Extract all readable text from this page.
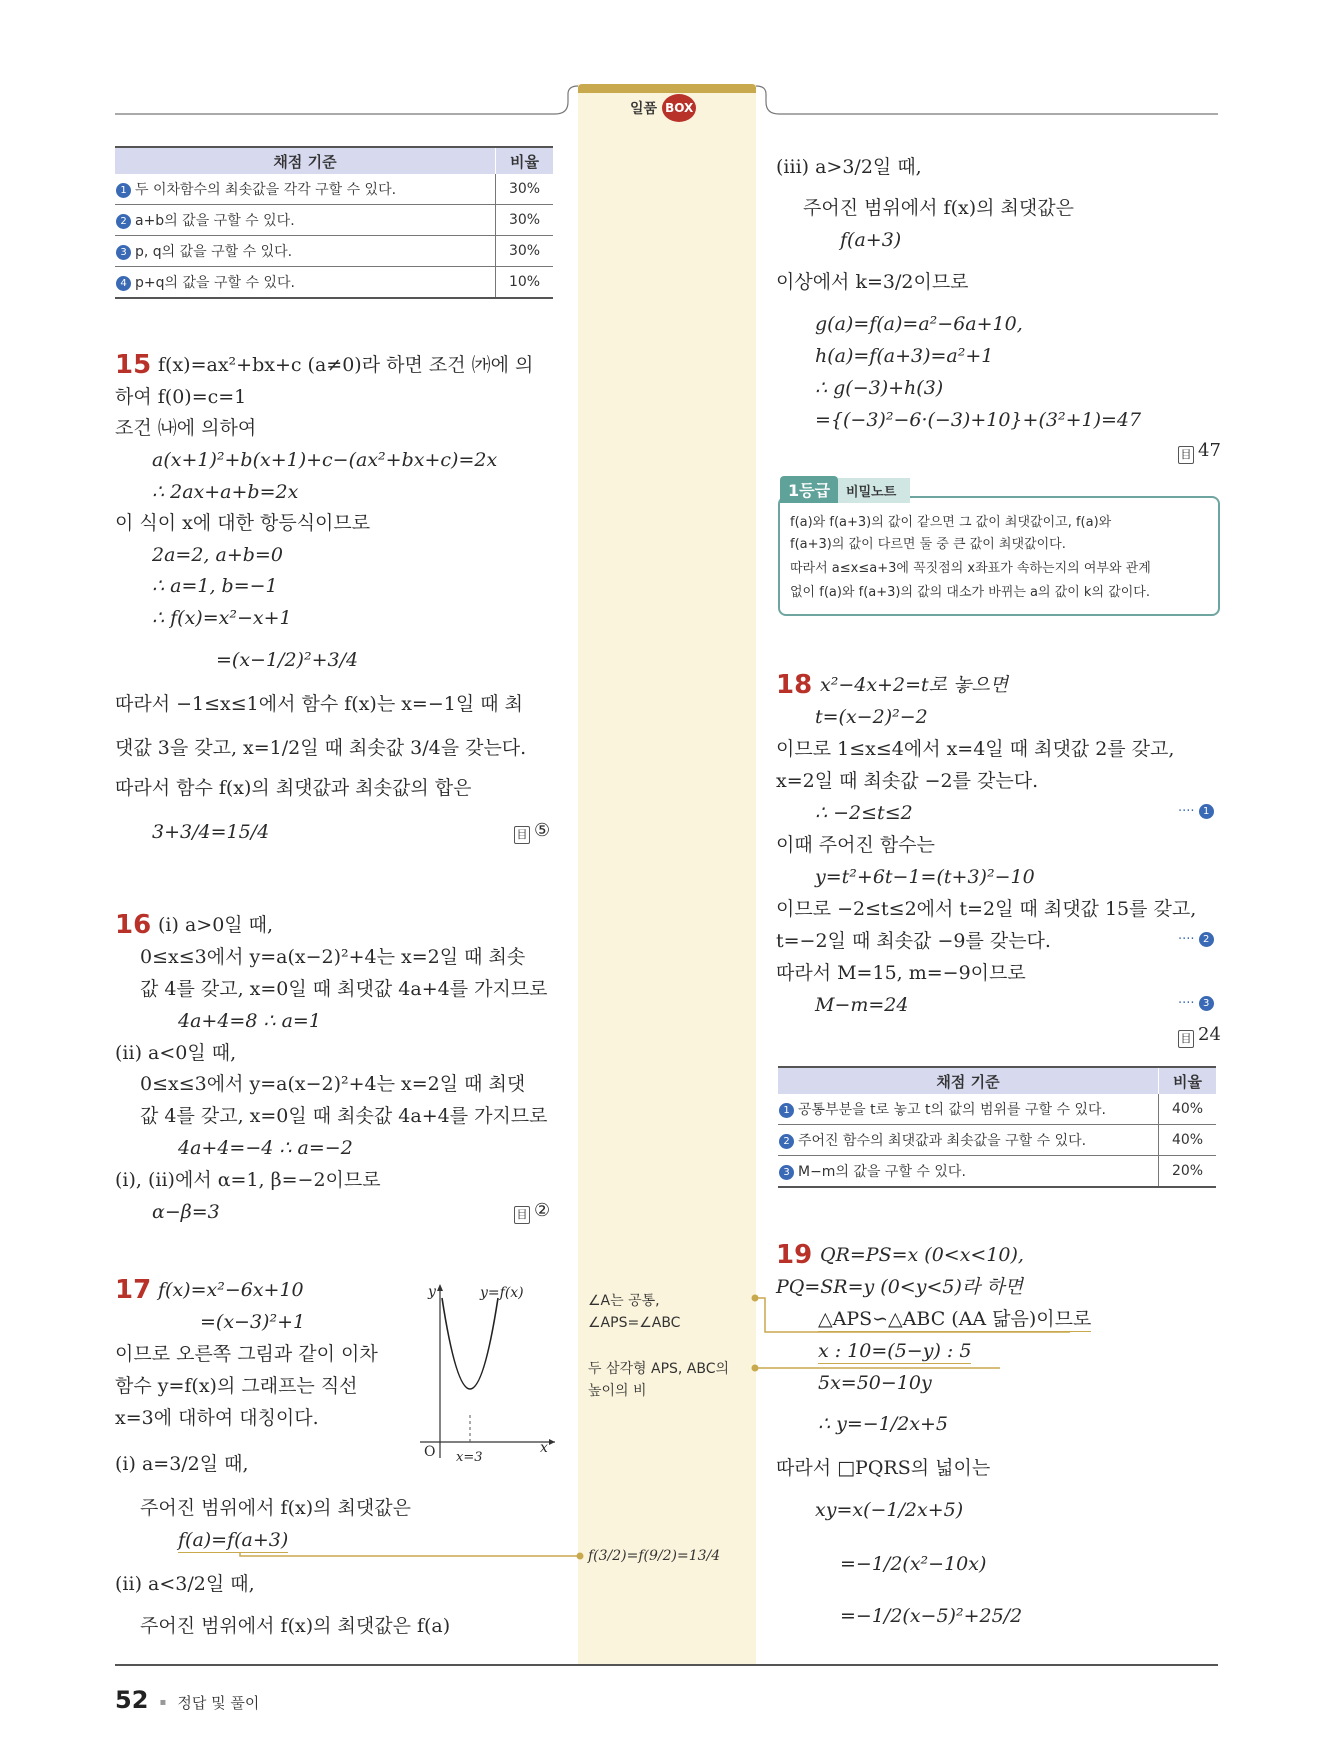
일품 BOX
채점 기준	비율
1 두 이차함수의 최솟값을 각각 구할 수 있다.	30%
2 a+b의 값을 구할 수 있다.	30%
3 p, q의 값을 구할 수 있다.	30%
4 p+q의 값을 구할 수 있다.	10%
15 f(x)=ax²+bx+c (a≠0)라 하면 조건 ㈎에 의
하여 f(0)=c=1
조건 ㈏에 의하여
a(x+1)²+b(x+1)+c−(ax²+bx+c)=2x
∴ 2ax+a+b=2x
이 식이 x에 대한 항등식이므로
2a=2, a+b=0
∴ a=1, b=−1
∴ f(x)=x²−x+1
=(x−1/2)²+3/4
따라서 −1≤x≤1에서 함수 f(x)는 x=−1일 때 최
댓값 3을 갖고, x=1/2일 때 최솟값 3/4을 갖는다.
따라서 함수 f(x)의 최댓값과 최솟값의 합은
3+3/4=15/4	目 ⑤
16 (i) a>0일 때,
0≤x≤3에서 y=a(x−2)²+4는 x=2일 때 최솟
값 4를 갖고, x=0일 때 최댓값 4a+4를 가지므로
4a+4=8 ∴ a=1
(ii) a<0일 때,
0≤x≤3에서 y=a(x−2)²+4는 x=2일 때 최댓
값 4를 갖고, x=0일 때 최솟값 4a+4를 가지므로
4a+4=−4 ∴ a=−2
(i), (ii)에서 α=1, β=−2이므로
α−β=3	目 ②
17 f(x)=x²−6x+10
=(x−3)²+1
이므로 오른쪽 그림과 같이 이차
함수 y=f(x)의 그래프는 직선
x=3에 대하여 대칭이다.
(i) a=3/2일 때,
주어진 범위에서 f(x)의 최댓값은
f(a)=f(a+3)
(ii) a<3/2일 때,
주어진 범위에서 f(x)의 최댓값은 f(a)
y	y=f(x)
O	x
x=3
(iii) a>3/2일 때,
주어진 범위에서 f(x)의 최댓값은
f(a+3)
이상에서 k=3/2이므로
g(a)=f(a)=a²−6a+10,
h(a)=f(a+3)=a²+1
∴ g(−3)+h(3)
={(−3)²−6·(−3)+10}+(3²+1)=47
目 47
1등급 비밀노트
f(a)와 f(a+3)의 값이 같으면 그 값이 최댓값이고, f(a)와
f(a+3)의 값이 다르면 둘 중 큰 값이 최댓값이다.
따라서 a≤x≤a+3에 꼭짓점의 x좌표가 속하는지의 여부와 관계
없이 f(a)와 f(a+3)의 값의 대소가 바뀌는 a의 값이 k의 값이다.
18 x²−4x+2=t로 놓으면
t=(x−2)²−2
이므로 1≤x≤4에서 x=4일 때 최댓값 2를 갖고,
x=2일 때 최솟값 −2를 갖는다.
∴ −2≤t≤2	···· 1
이때 주어진 함수는
y=t²+6t−1=(t+3)²−10
이므로 −2≤t≤2에서 t=2일 때 최댓값 15를 갖고,
t=−2일 때 최솟값 −9를 갖는다.	···· 2
따라서 M=15, m=−9이므로
M−m=24	···· 3
目 24
채점 기준	비율
1 공통부분을 t로 놓고 t의 값의 범위를 구할 수 있다.	40%
2 주어진 함수의 최댓값과 최솟값을 구할 수 있다.	40%
3 M−m의 값을 구할 수 있다.	20%
19 QR=PS=x (0<x<10),
PQ=SR=y (0<y<5)라 하면
△APS∽△ABC (AA 닮음)이므로
x : 10=(5−y) : 5
5x=50−10y
∴ y=−1/2x+5
따라서 □PQRS의 넓이는
xy=x(−1/2x+5)
=−1/2(x²−10x)
=−1/2(x−5)²+25/2
∠A는 공통,
∠APS=∠ABC
두 삼각형 APS, ABC의
높이의 비
f(3/2)=f(9/2)=13/4
52 ▪ 정답 및 풀이
